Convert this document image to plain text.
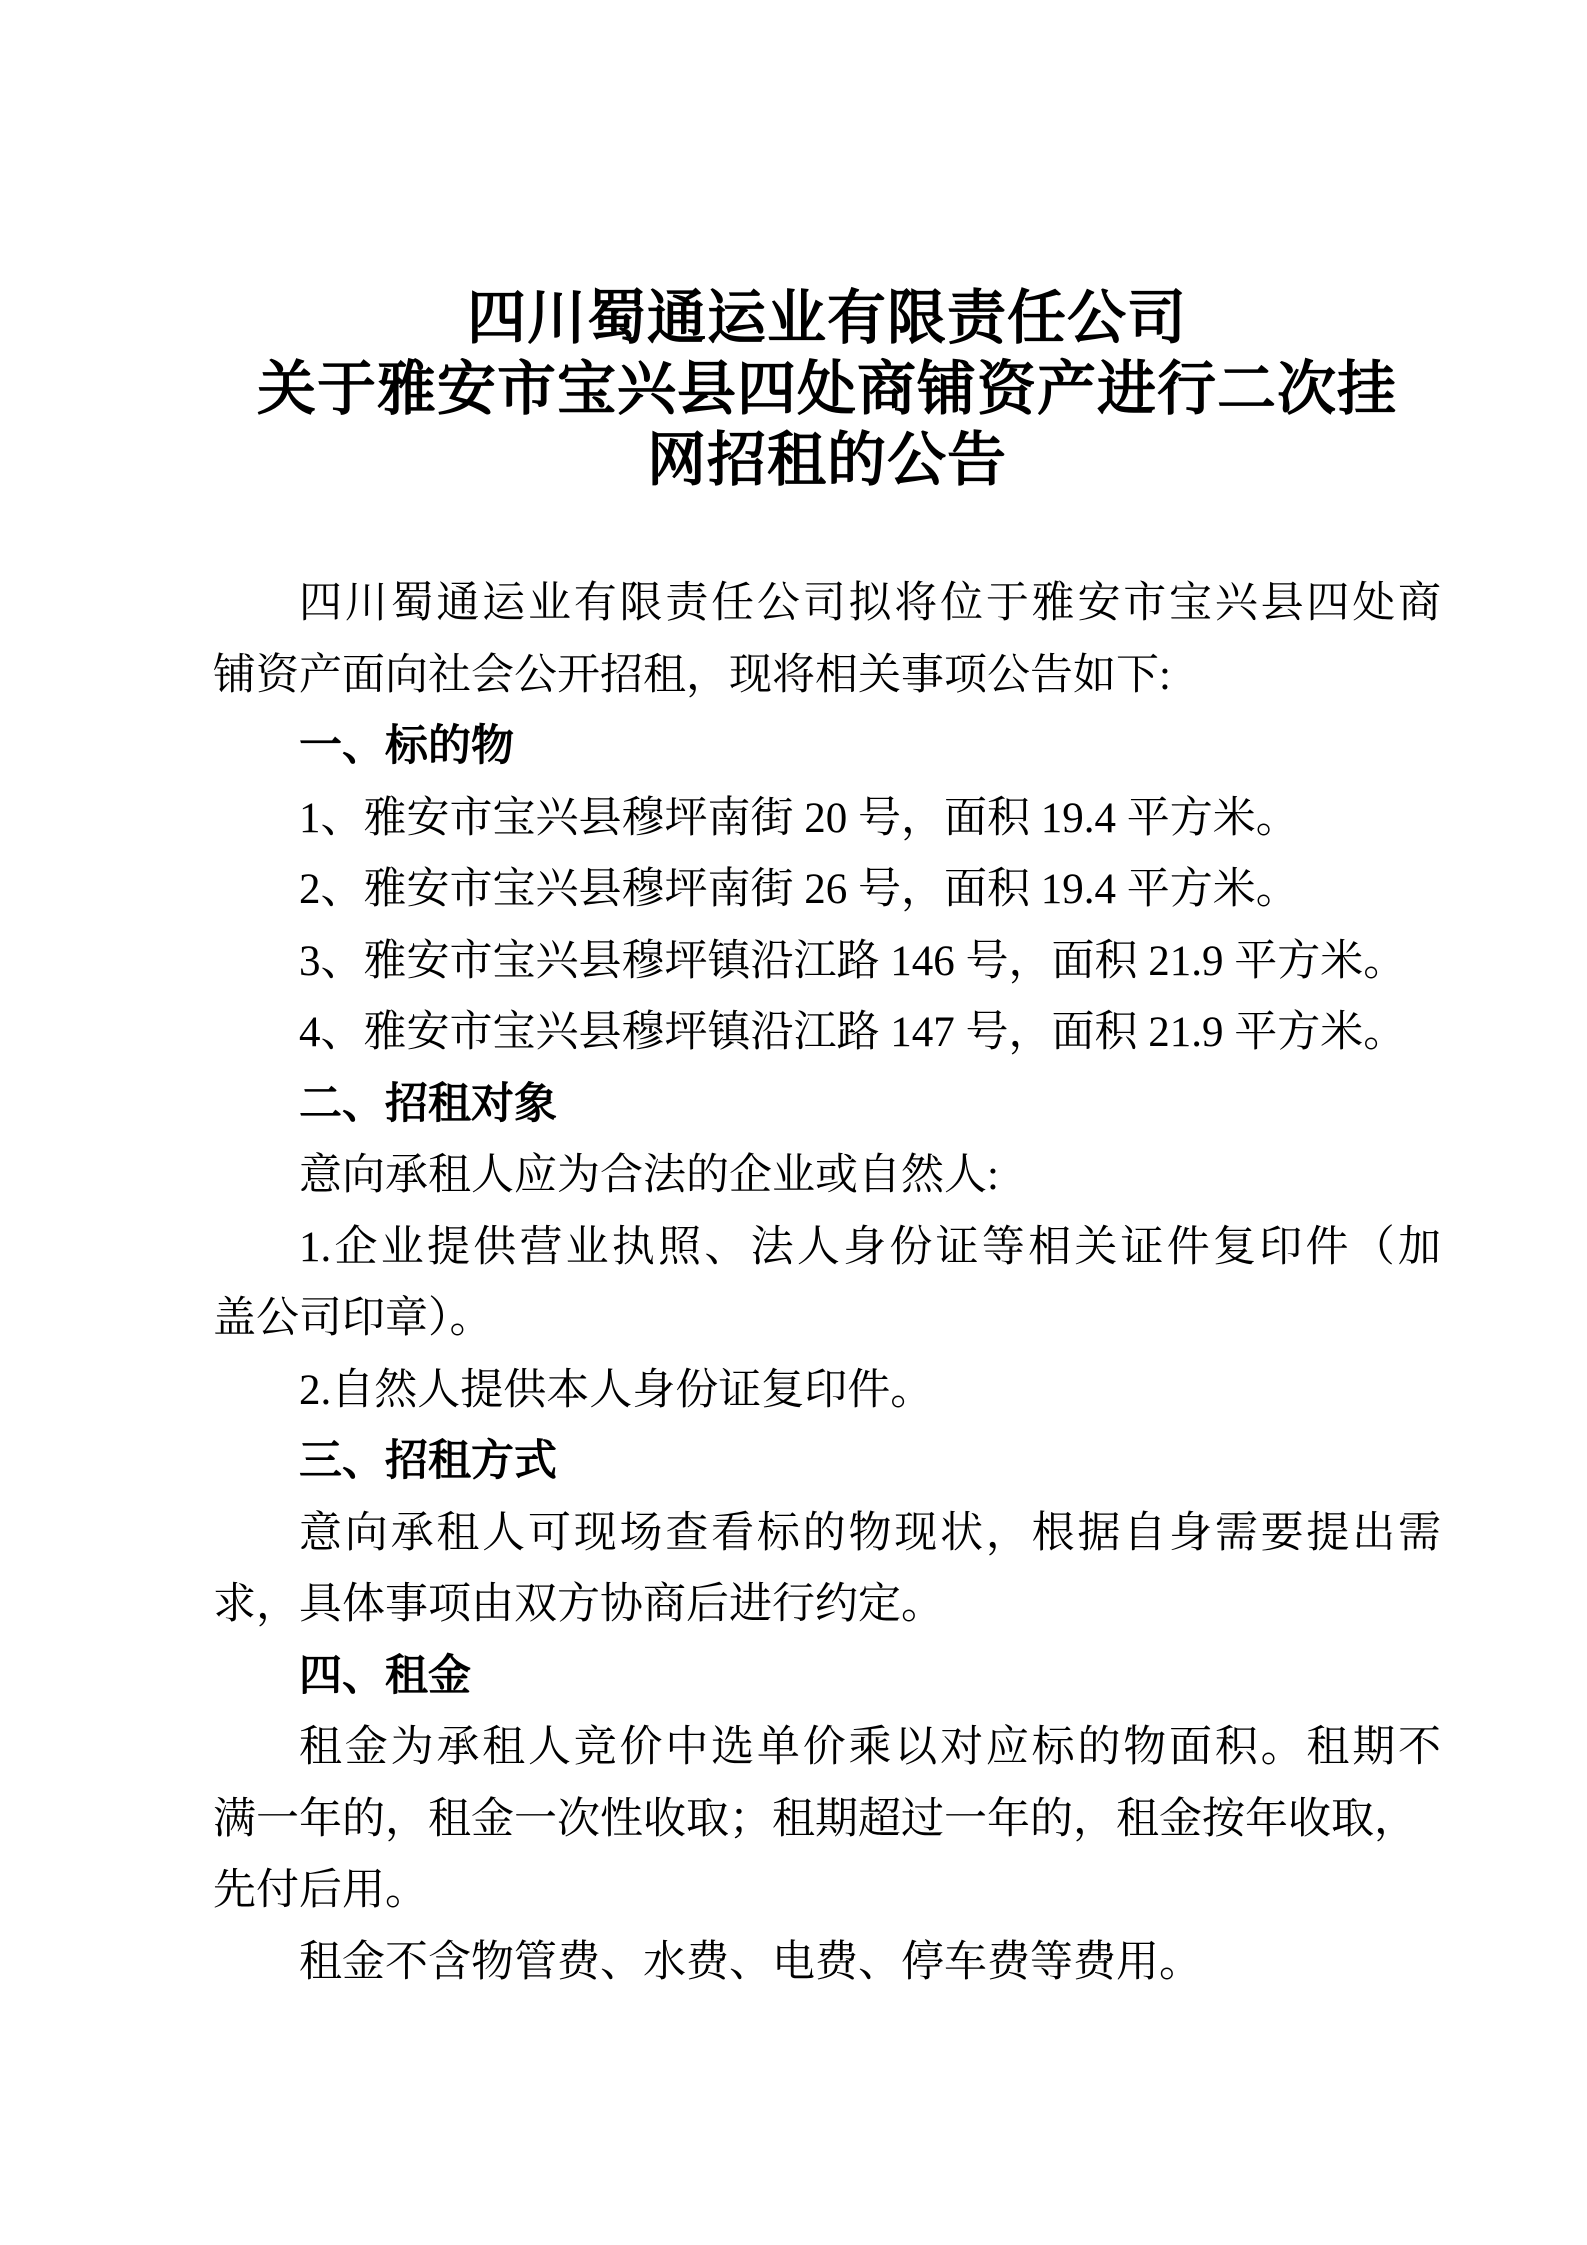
四川蜀通运业有限责任公司
关于雅安市宝兴县四处商铺资产进行二次挂
网招租的公告
四川蜀通运业有限责任公司拟将位于雅安市宝兴县四处商
铺资产面向社会公开招租，现将相关事项公告如下:
一、标的物
1、雅安市宝兴县穆坪南街 20 号，面积 19.4 平方米。
2、雅安市宝兴县穆坪南街 26 号，面积 19.4 平方米。
3、雅安市宝兴县穆坪镇沿江路 146 号，面积 21.9 平方米。
4、雅安市宝兴县穆坪镇沿江路 147 号，面积 21.9 平方米。
二、招租对象
意向承租人应为合法的企业或自然人:
1.企业提供营业执照、法人身份证等相关证件复印件（加
盖公司印章）。
2.自然人提供本人身份证复印件。
三、招租方式
意向承租人可现场查看标的物现状，根据自身需要提出需
求，具体事项由双方协商后进行约定。
四、租金
租金为承租人竞价中选单价乘以对应标的物面积。租期不
满一年的，租金一次性收取；租期超过一年的，租金按年收取，
先付后用。
租金不含物管费、水费、电费、停车费等费用。
